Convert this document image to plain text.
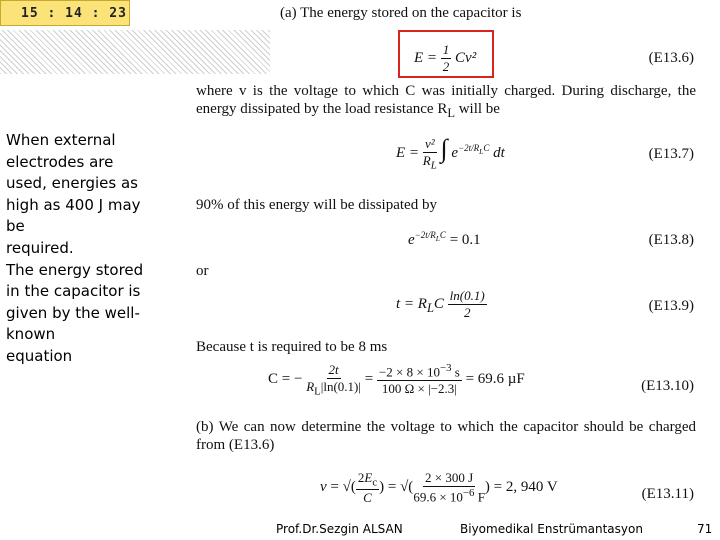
15 : 14 : 23
When external
electrodes are
used, energies as
high as 400 J may
be
required.
The energy stored
in the capacitor is
given by the well-
known
equation
(a) The energy stored on the capacitor is
$E = \frac{1}{2} Cv^2$	(E13.6)
where v is the voltage to which C was initially charged. During discharge, the energy dissipated by the load resistance $R_L$ will be
$E = \frac{\text{v²}}{R_L}$ ∫ $e^{-2t/R_LC}$ dt	(E13.7)
90% of this energy will be dissipated by
$e^{-2t/R_LC} = 0.1$	(E13.8)
or
$t = R_LC \frac{\ln(0.1)}{2}$	(E13.9)
Because t is required to be 8 ms
C = − $\frac{2t}{R_L|\ln(0.1)|} = \frac{-2 \times 8 \times 10^{-3} s}{100 \Omega \times |-2.3|} = 69.6$ µF	(E13.10)
(b) We can now determine the voltage to which the capacitor should be charged from (E13.6)
v = √( $\frac{2E_c}{C}$ ) = √( $\frac{2 \times 300 J}{69.6 \times 10^{-6} F}$ ) = 2, 940 V	(E13.11)
Prof.Dr.Sezgin ALSAN	Biyomedikal Enstrümantasyon	71
